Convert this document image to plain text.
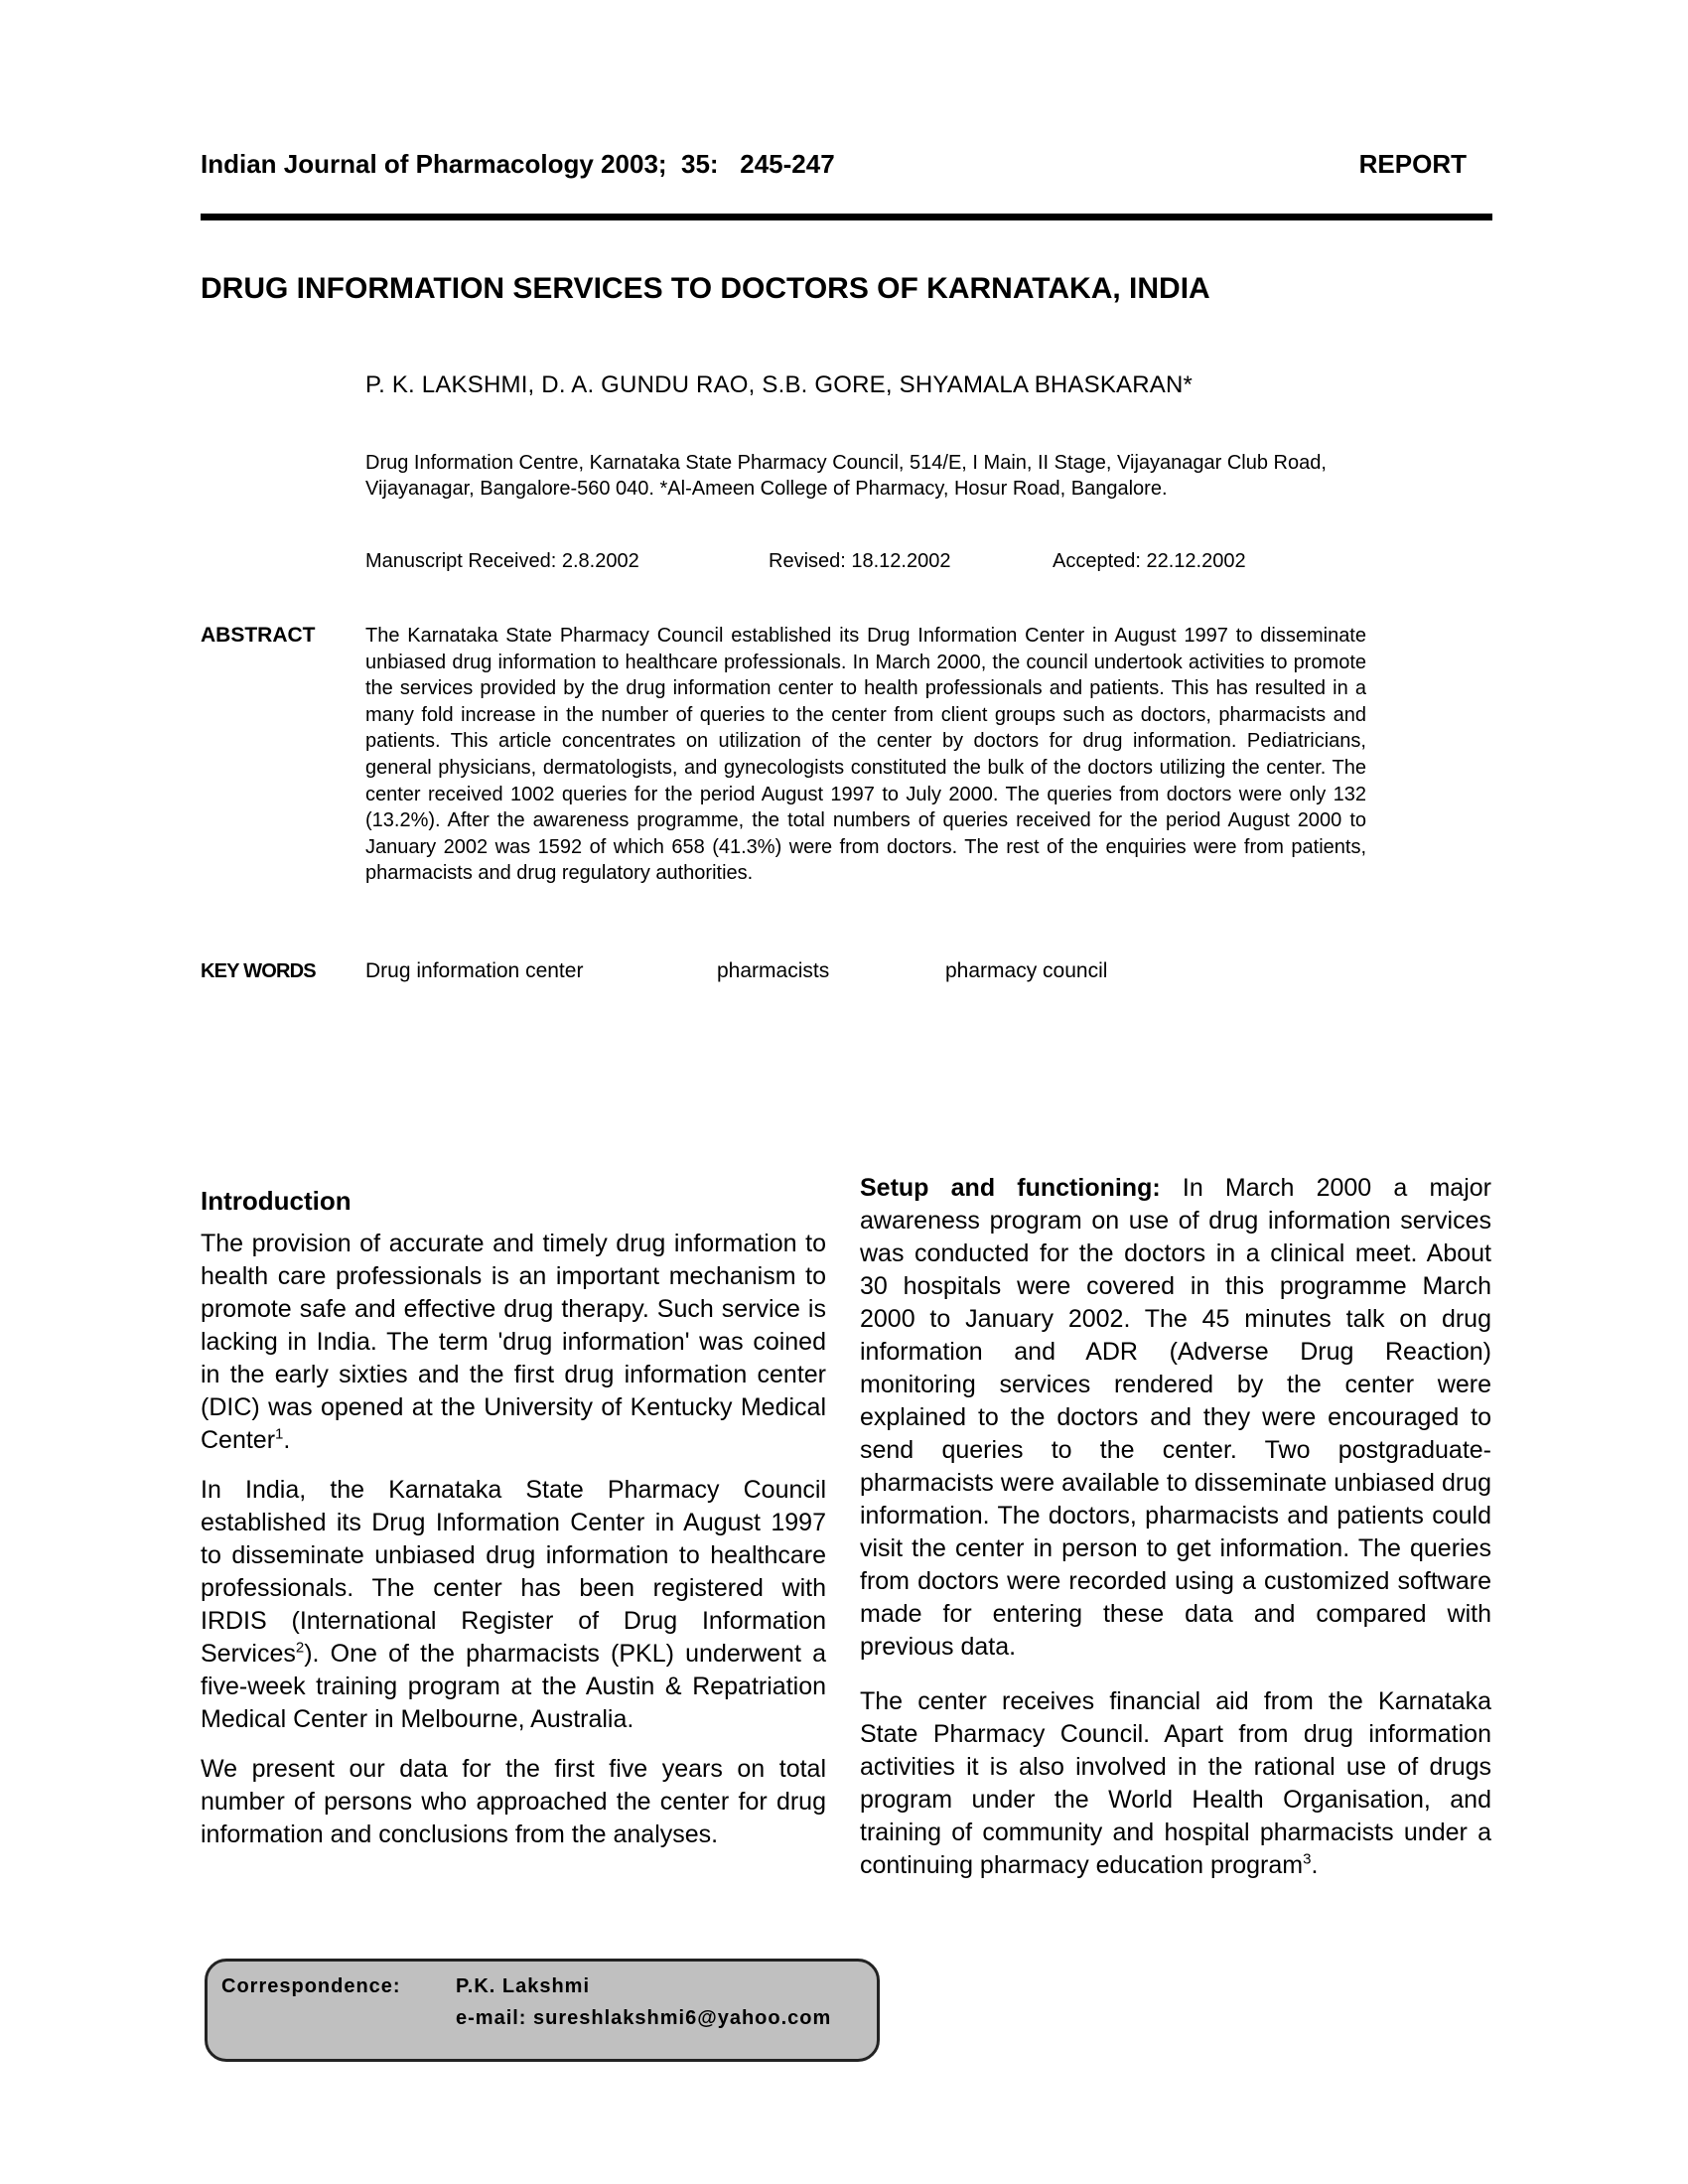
Indian Journal of Pharmacology 2003;  35:   245-247	REPORT
DRUG INFORMATION SERVICES TO DOCTORS OF KARNATAKA, INDIA
P. K. LAKSHMI, D. A. GUNDU RAO, S.B. GORE, SHYAMALA BHASKARAN*
Drug Information Centre, Karnataka State Pharmacy Council, 514/E, I Main, II Stage, Vijayanagar Club Road,
Vijayanagar, Bangalore-560 040. *Al-Ameen College of Pharmacy, Hosur Road, Bangalore.
Manuscript Received: 2.8.2002	Revised: 18.12.2002	Accepted: 22.12.2002
ABSTRACT	The Karnataka State Pharmacy Council established its Drug Information Center in August 1997 to disseminate unbiased drug information to healthcare professionals. In March 2000, the council undertook activities to promote the services provided by the drug information center to health professionals and patients. This has resulted in a many fold increase in the number of queries to the center from client groups such as doctors, pharmacists and patients. This article concentrates on utilization of the center by doctors for drug information. Pediatricians, general physicians, dermatologists, and gynecologists constituted the bulk of the doctors utilizing the center. The center received 1002 queries for the period August 1997 to July 2000. The queries from doctors were only 132 (13.2%). After the awareness programme, the total numbers of queries received for the period August 2000 to January 2002 was 1592 of which 658 (41.3%) were from doctors. The rest of the enquiries were from patients, pharmacists and drug regulatory authorities.
KEY WORDS Drug information center	pharmacists	pharmacy council
Introduction

The provision of accurate and timely drug information to health care professionals is an important mechanism to promote safe and effective drug therapy. Such service is lacking in India. The term 'drug information' was coined in the early sixties and the first drug information center (DIC) was opened at the University of Kentucky Medical Center$^1$.

In India, the Karnataka State Pharmacy Council established its Drug Information Center in August 1997 to disseminate unbiased drug information to healthcare professionals. The center has been registered with IRDIS (International Register of Drug Information Services$^2$). One of the pharmacists (PKL) underwent a five-week training program at the Austin & Repatriation Medical Center in Melbourne, Australia.

We present our data for the first five years on total number of persons who approached the center for drug information and conclusions from the analyses.

Setup and functioning: In March 2000 a major awareness program on use of drug information services was conducted for the doctors in a clinical meet. About 30 hospitals were covered in this programme March 2000 to January 2002. The 45 minutes talk on drug information and ADR (Adverse Drug Reaction) monitoring services rendered by the center were explained to the doctors and they were encouraged to send queries to the center. Two postgraduate-pharmacists were available to disseminate unbiased drug information. The doctors, pharmacists and patients could visit the center in person to get information. The queries from doctors were recorded using a customized software made for entering these data and compared with previous data.

The center receives financial aid from the Karnataka State Pharmacy Council. Apart from drug information activities it is also involved in the rational use of drugs program under the World Health Organisation, and training of community and hospital pharmacists under a continuing pharmacy education program$^3$.

Correspondence:	P.K. Lakshmi
e-mail: sureshlakshmi6@yahoo.com
